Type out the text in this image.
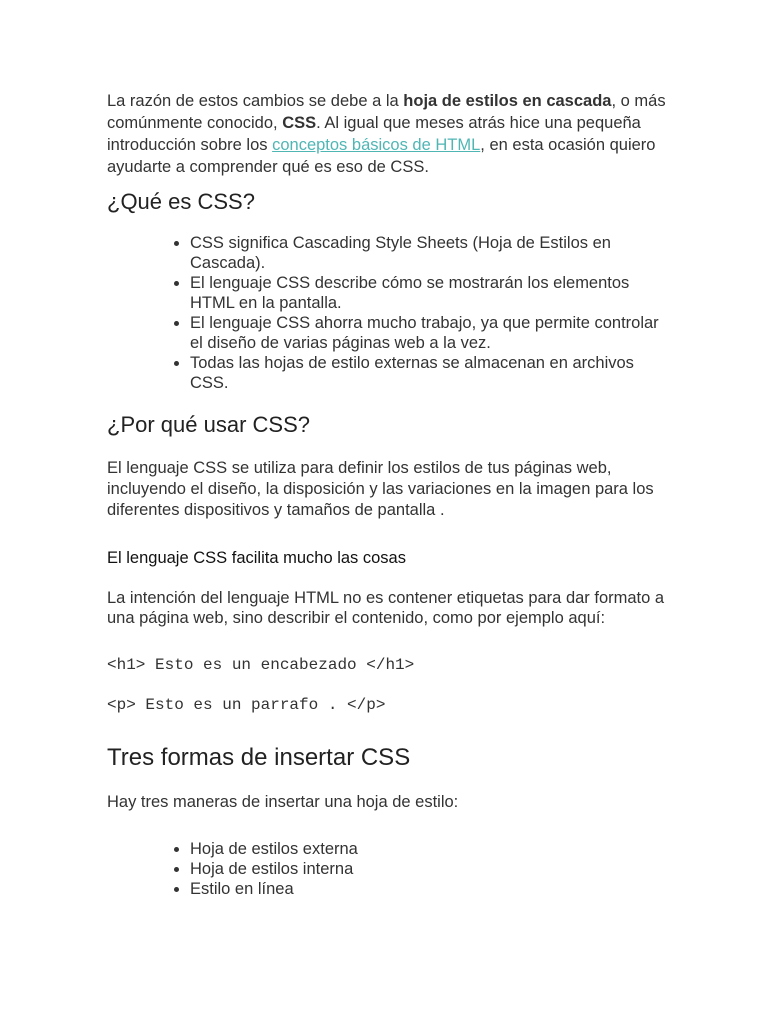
La razón de estos cambios se debe a la hoja de estilos en cascada, o más comúnmente conocido, CSS. Al igual que meses atrás hice una pequeña introducción sobre los conceptos básicos de HTML, en esta ocasión quiero ayudarte a comprender qué es eso de CSS.

¿Qué es CSS?
• CSS significa Cascading Style Sheets (Hoja de Estilos en Cascada).
• El lenguaje CSS describe cómo se mostrarán los elementos HTML en la pantalla.
• El lenguaje CSS ahorra mucho trabajo, ya que permite controlar el diseño de varias páginas web a la vez.
• Todas las hojas de estilo externas se almacenan en archivos CSS.
¿Por qué usar CSS?

El lenguaje CSS se utiliza para definir los estilos de tus páginas web, incluyendo el diseño, la disposición y las variaciones en la imagen para los diferentes dispositivos y tamaños de pantalla .

El lenguaje CSS facilita mucho las cosas

La intención del lenguaje HTML no es contener etiquetas para dar formato a una página web, sino describir el contenido, como por ejemplo aquí:

<h1> Esto es un encabezado </h1>

<p> Esto es un parrafo . </p>

Tres formas de insertar CSS

Hay tres maneras de insertar una hoja de estilo:

• Hoja de estilos externa
• Hoja de estilos interna
• Estilo en línea
